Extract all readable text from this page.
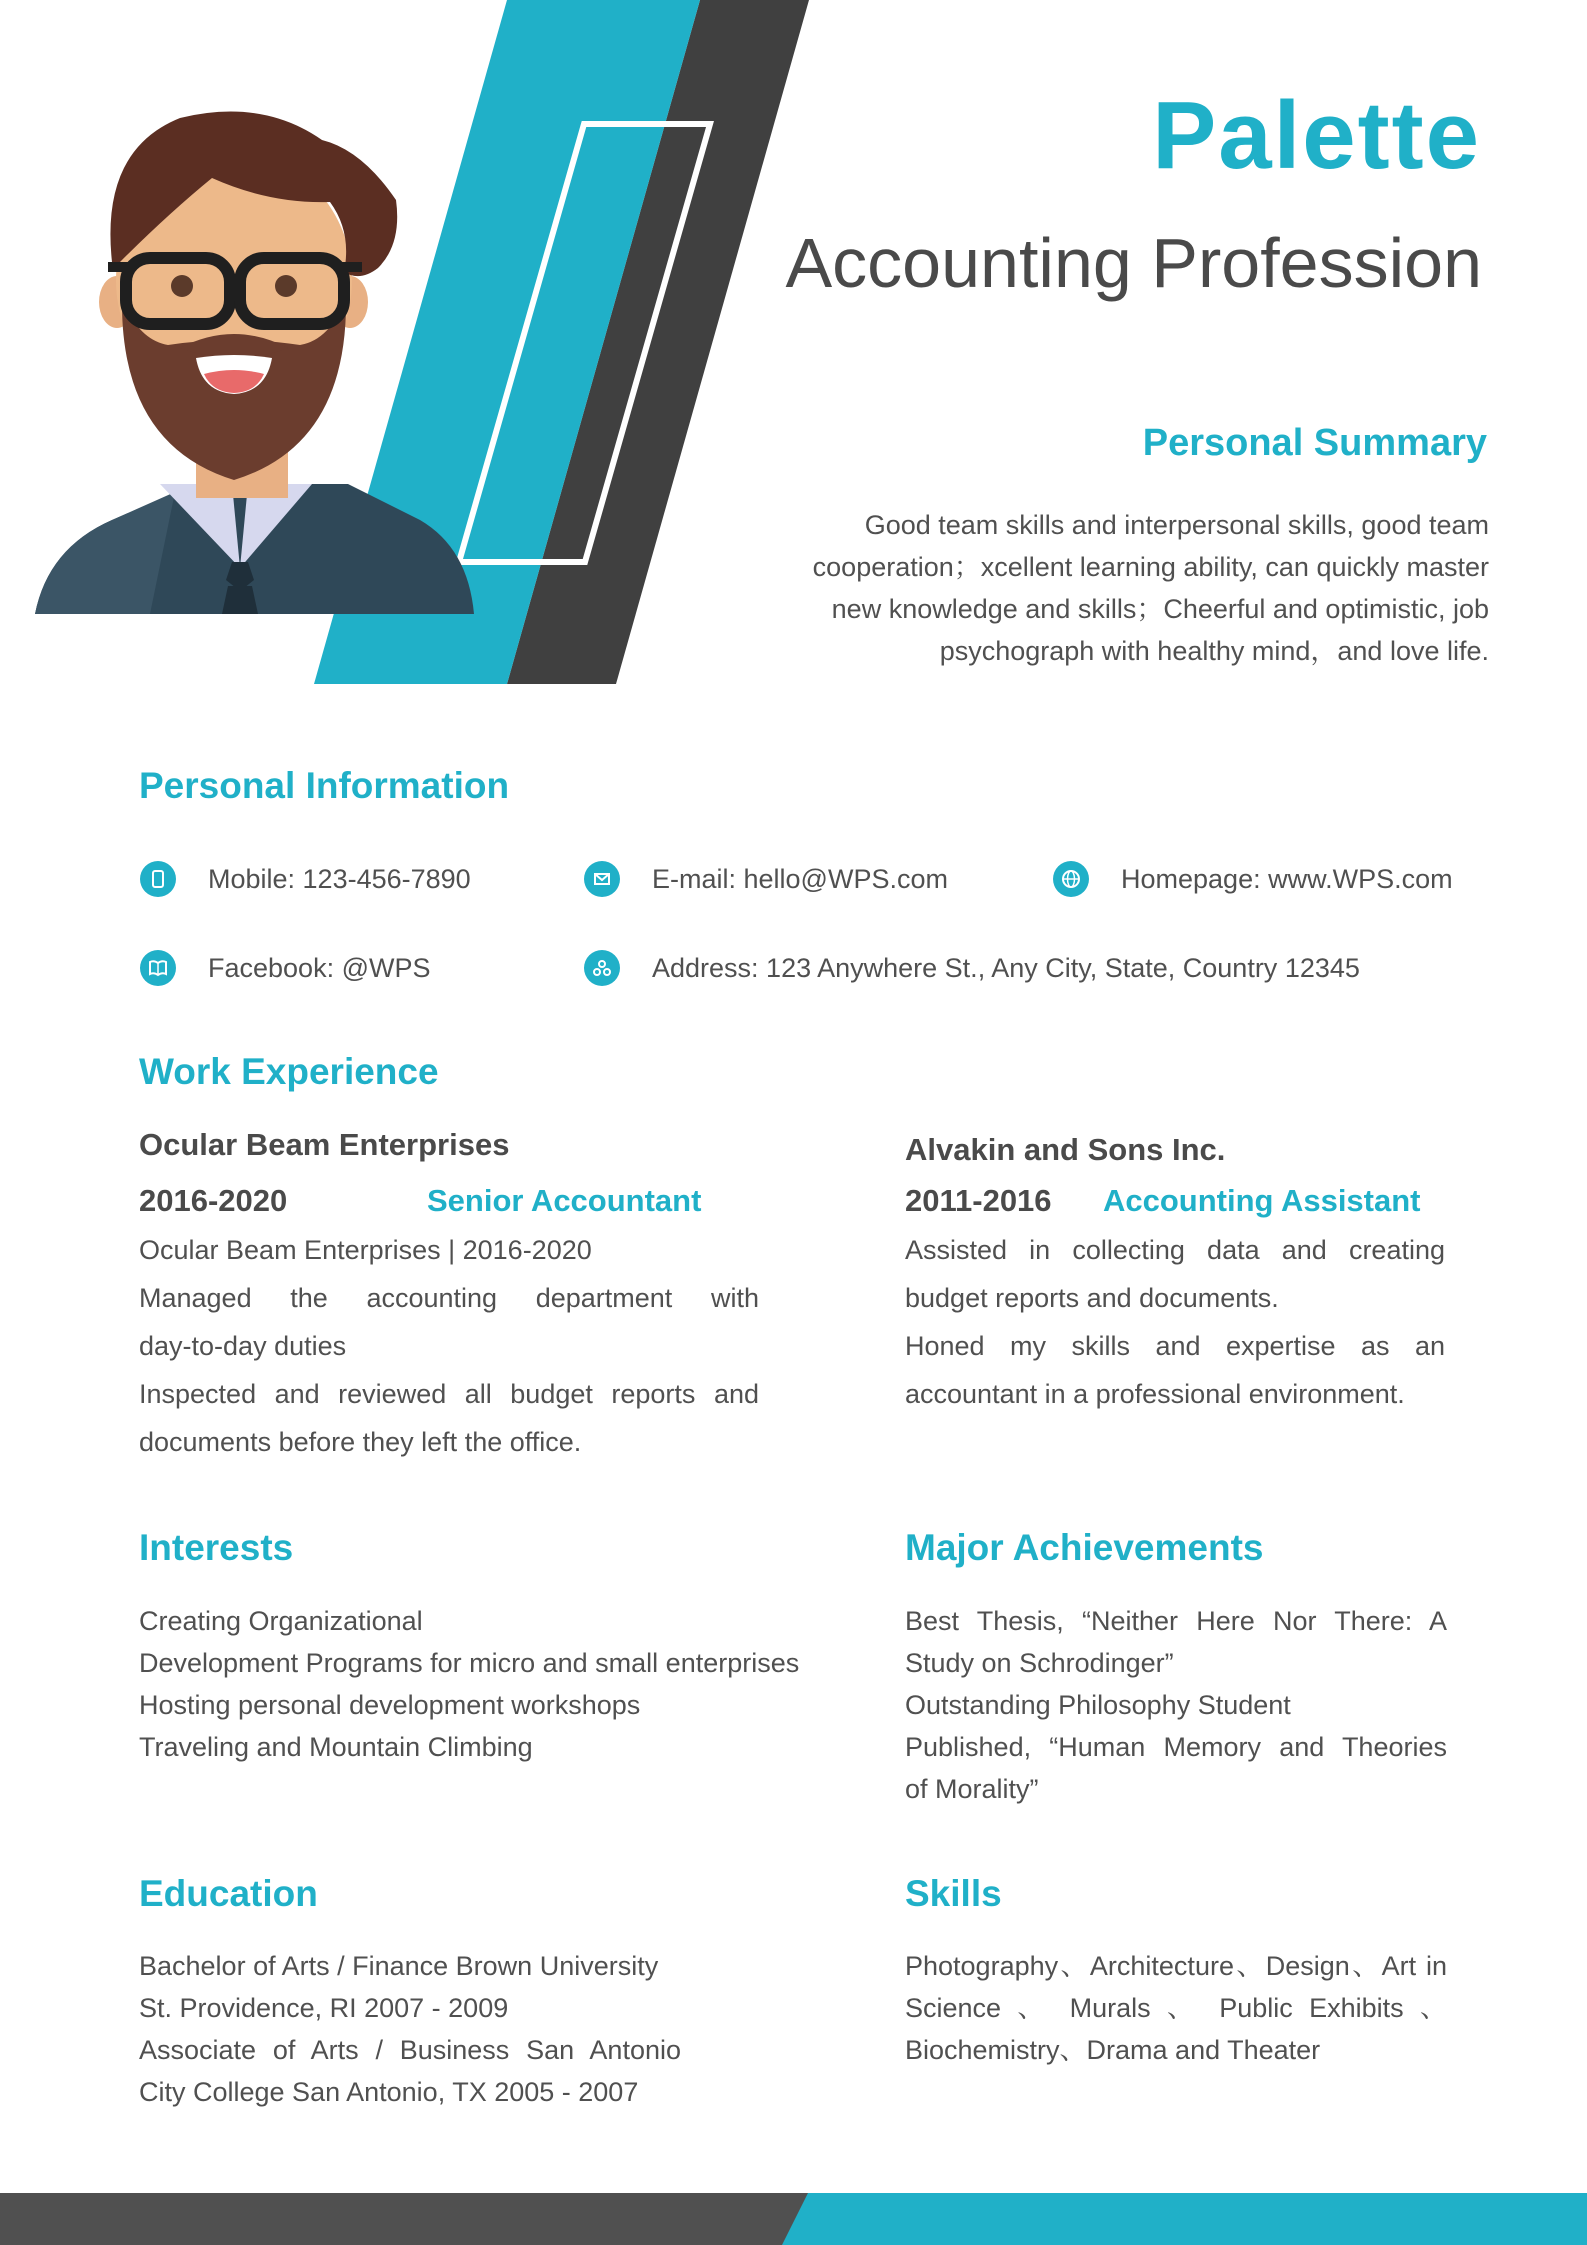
Palette
Accounting Profession
Personal Summary
Good team skills and interpersonal skills, good team
cooperation；xcellent learning ability, can quickly master
new knowledge and skills；Cheerful and optimistic, job
psychograph with healthy mind，and love life.
Personal Information
Mobile: 123-456-7890	E-mail: hello@WPS.com	Homepage: www.WPS.com
Facebook: @WPS	Address: 123 Anywhere St., Any City, State, Country 12345
Work Experience
Ocular Beam Enterprises
2016-2020	Senior Accountant
Ocular Beam Enterprises | 2016-2020
Managed the accounting department with
day-to-day duties
Inspected and reviewed all budget reports and
documents before they left the office.
Alvakin and Sons Inc.
2011-2016 Accounting Assistant
Assisted in collecting data and creating
budget reports and documents.
Honed my skills and expertise as an
accountant in a professional environment.
Interests
Creating Organizational
Development Programs for micro and small enterprises
Hosting personal development workshops
Traveling and Mountain Climbing
Major Achievements
Best Thesis, “Neither Here Nor There: A
Study on Schrodinger”
Outstanding Philosophy Student
Published, “Human Memory and Theories
of Morality”
Education
Bachelor of Arts / Finance Brown University
St. Providence, RI 2007 - 2009
Associate of Arts / Business San Antonio
City College San Antonio, TX 2005 - 2007
Skills
Photography、Architecture、Design、Art in
Science 、 Murals 、 Public Exhibits 、
Biochemistry、Drama and Theater
